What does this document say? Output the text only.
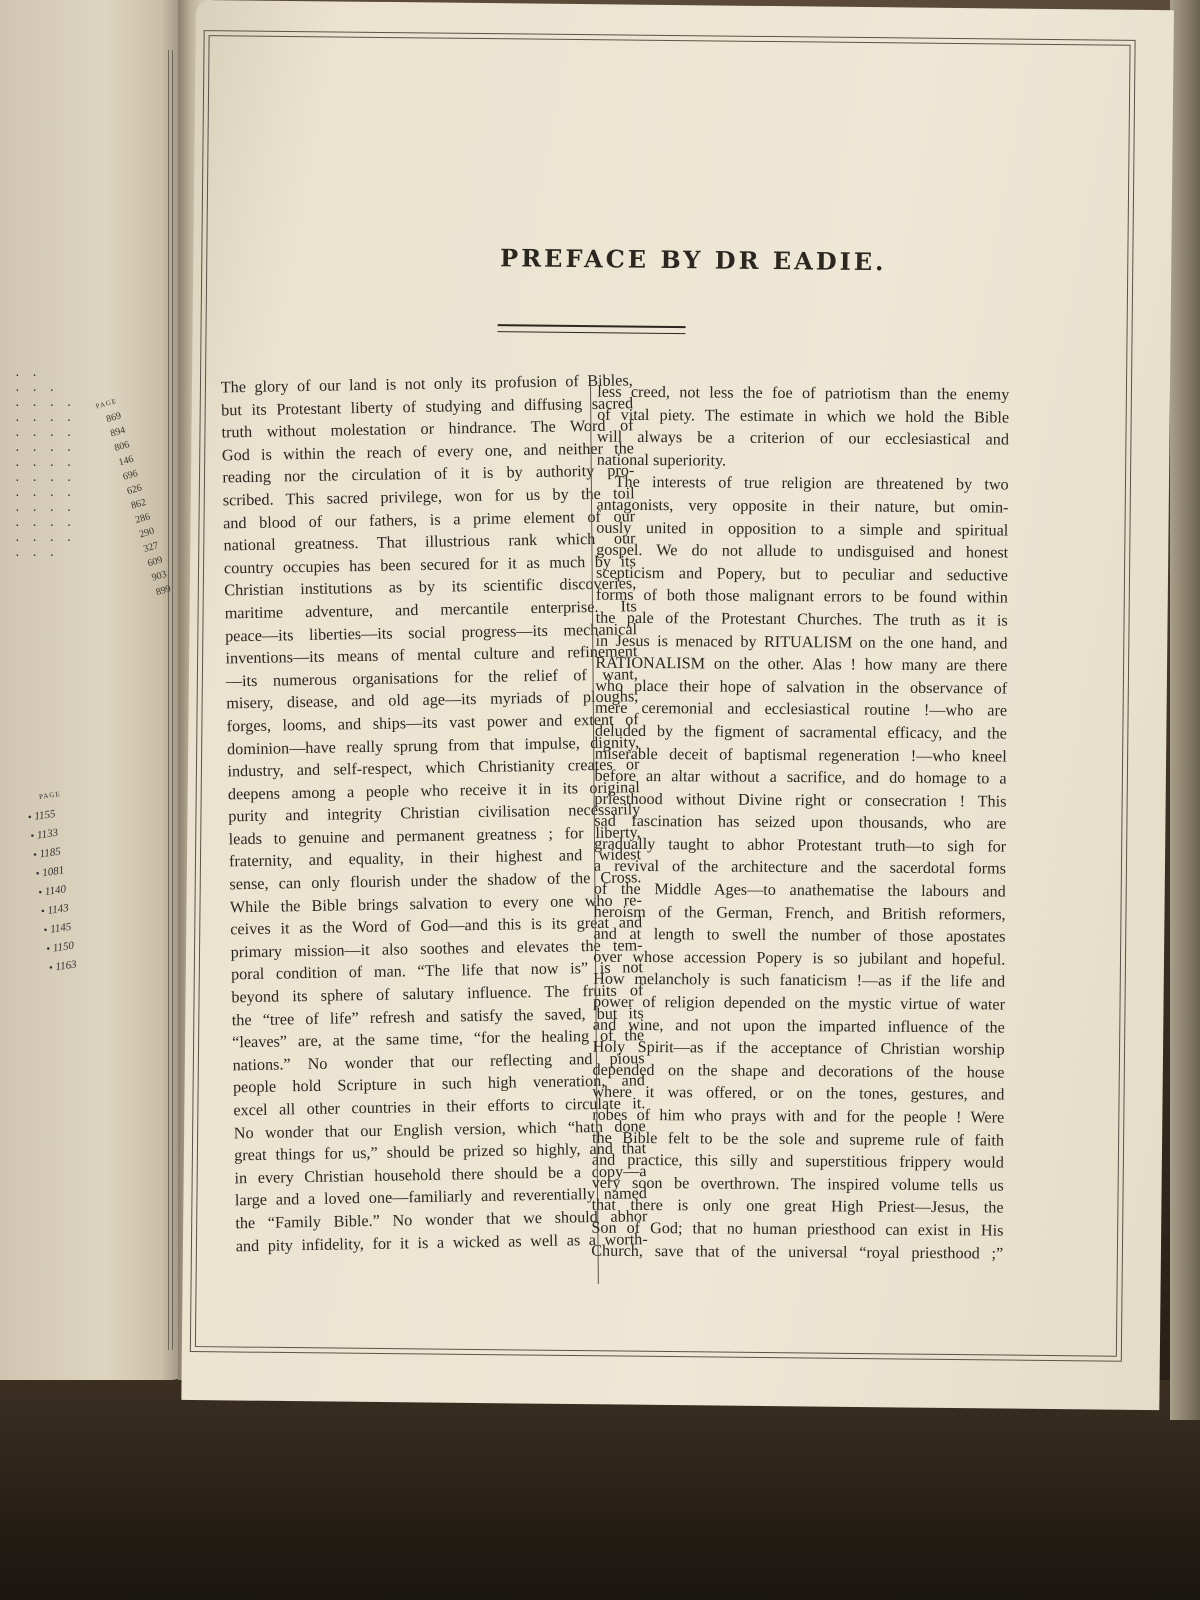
· ·
· · ·
· · · ·
· · · ·
· · · ·
· · · ·
· · · ·
· · · ·
· · · ·
· · · ·
· · · ·
· · · ·
· · ·
PAGE
869
894
806
146
696
626
862
286
290
327
609
903
899
PAGE
• 1155
• 1133
• 1185
• 1081
• 1140
• 1143
• 1145
• 1150
• 1163
PREFACE BY DR EADIE.
The glory of our land is not only its profusion of Bibles,
but its Protestant liberty of studying and diffusing sacred
truth without molestation or hindrance. The Word of
God is within the reach of every one, and neither the
reading nor the circulation of it is by authority pro-
scribed. This sacred privilege, won for us by the toil
and blood of our fathers, is a prime element of our
national greatness. That illustrious rank which our
country occupies has been secured for it as much by its
Christian institutions as by its scientific discoveries,
maritime adventure, and mercantile enterprise. Its
peace—its liberties—its social progress—its mechanical
inventions—its means of mental culture and refinement
—its numerous organisations for the relief of want,
misery, disease, and old age—its myriads of ploughs,
forges, looms, and ships—its vast power and extent of
dominion—have really sprung from that impulse, dignity,
industry, and self-respect, which Christianity creates or
deepens among a people who receive it in its original
purity and integrity Christian civilisation necessarily
leads to genuine and permanent greatness ; for liberty,
fraternity, and equality, in their highest and widest
sense, can only flourish under the shadow of the Cross.
While the Bible brings salvation to every one who re-
ceives it as the Word of God—and this is its great and
primary mission—it also soothes and elevates the tem-
poral condition of man. “The life that now is” is not
beyond its sphere of salutary influence. The fruits of
the “tree of life” refresh and satisfy the saved, but its
“leaves” are, at the same time, “for the healing of the
nations.” No wonder that our reflecting and pious
people hold Scripture in such high veneration, and
excel all other countries in their efforts to circulate it.
No wonder that our English version, which “hath done
great things for us,” should be prized so highly, and that
in every Christian household there should be a copy—a
large and a loved one—familiarly and reverentially named
the “Family Bible.” No wonder that we should abhor
and pity infidelity, for it is a wicked as well as a worth-
less creed, not less the foe of patriotism than the enemy
of vital piety. The estimate in which we hold the Bible
will always be a criterion of our ecclesiastical and
national superiority.
The interests of true religion are threatened by two
antagonists, very opposite in their nature, but omin-
ously united in opposition to a simple and spiritual
gospel. We do not allude to undisguised and honest
scepticism and Popery, but to peculiar and seductive
forms of both those malignant errors to be found within
the pale of the Protestant Churches. The truth as it is
in Jesus is menaced by RITUALISM on the one hand, and
RATIONALISM on the other. Alas ! how many are there
who place their hope of salvation in the observance of
mere ceremonial and ecclesiastical routine !—who are
deluded by the figment of sacramental efficacy, and the
miserable deceit of baptismal regeneration !—who kneel
before an altar without a sacrifice, and do homage to a
priesthood without Divine right or consecration ! This
sad fascination has seized upon thousands, who are
gradually taught to abhor Protestant truth—to sigh for
a revival of the architecture and the sacerdotal forms
of the Middle Ages—to anathematise the labours and
heroism of the German, French, and British reformers,
and at length to swell the number of those apostates
over whose accession Popery is so jubilant and hopeful.
How melancholy is such fanaticism !—as if the life and
power of religion depended on the mystic virtue of water
and wine, and not upon the imparted influence of the
Holy Spirit—as if the acceptance of Christian worship
depended on the shape and decorations of the house
where it was offered, or on the tones, gestures, and
robes of him who prays with and for the people ! Were
the Bible felt to be the sole and supreme rule of faith
and practice, this silly and superstitious frippery would
very soon be overthrown. The inspired volume tells us
that there is only one great High Priest—Jesus, the
Son of God; that no human priesthood can exist in His
Church, save that of the universal “royal priesthood ;”
